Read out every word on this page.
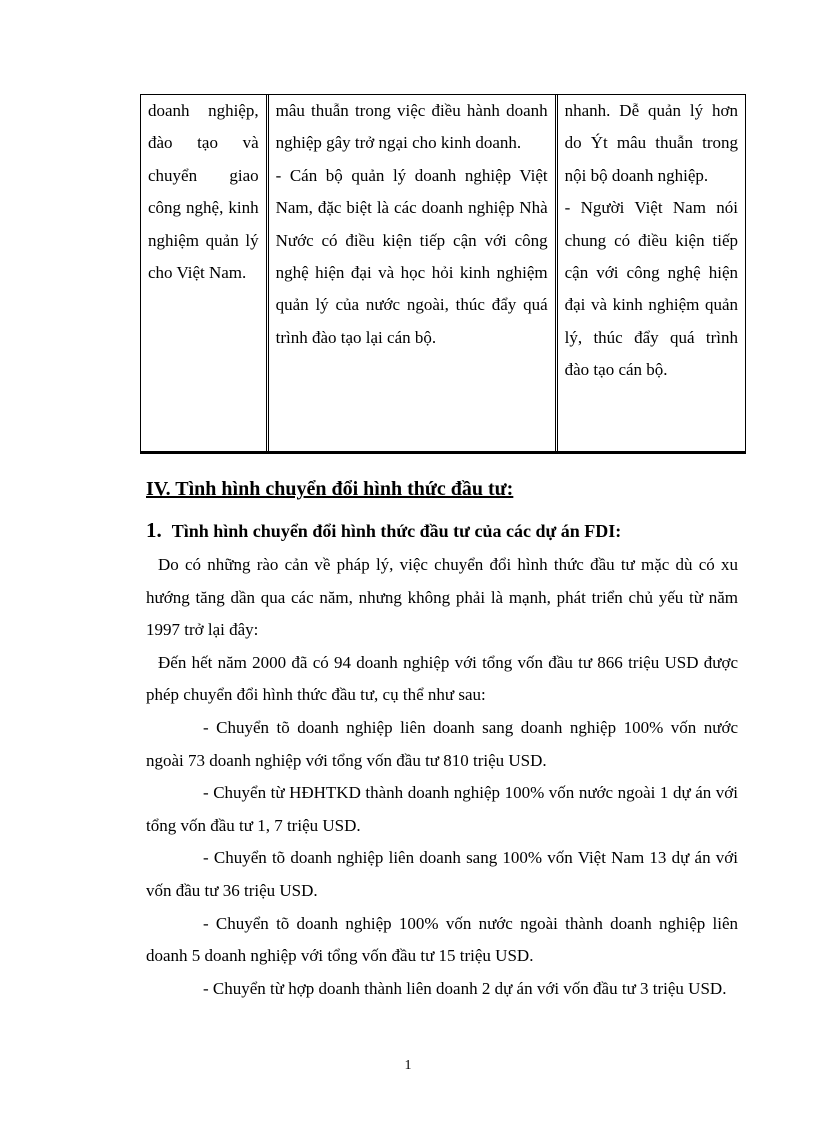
doanh nghiệp, đào tạo và chuyển giao công nghệ, kinh nghiệm quản lý cho Việt Nam.

mâu thuẫn trong việc điều hành doanh nghiệp gây trở ngại cho kinh doanh.

- Cán bộ quản lý doanh nghiệp Việt Nam, đặc biệt là các doanh nghiệp Nhà Nước có điều kiện tiếp cận với công nghệ hiện đại và học hỏi kinh nghiệm quản lý của nước ngoài, thúc đẩy quá trình đào tạo lại cán bộ.

nhanh. Dễ quản lý hơn do Ýt mâu thuẫn trong nội bộ doanh nghiệp.

- Người Việt Nam nói chung có điều kiện tiếp cận với công nghệ hiện đại và kinh nghiệm quản lý, thúc đẩy quá trình đào tạo cán bộ.

IV. Tình hình chuyển đổi hình thức đầu tư:
1. Tình hình chuyển đổi hình thức đầu tư của các dự án FDI:

Do có những rào cản về pháp lý, việc chuyển đổi hình thức đầu tư mặc dù có xu hướng tăng dần qua các năm, nhưng không phải là mạnh, phát triển chủ yếu từ năm 1997 trở lại đây:

Đến hết năm 2000 đã có 94 doanh nghiệp với tổng vốn đầu tư 866 triệu USD được phép chuyển đổi hình thức đầu tư, cụ thể như sau:

- Chuyển tõ doanh nghiệp liên doanh sang doanh nghiệp 100% vốn nước ngoài 73 doanh nghiệp với tổng vốn đầu tư 810 triệu USD.

- Chuyển từ HĐHTKD thành doanh nghiệp 100% vốn nước ngoài 1 dự án với tổng vốn đầu tư 1, 7 triệu USD.

- Chuyển tõ doanh nghiệp liên doanh sang 100% vốn Việt Nam 13 dự án với vốn đầu tư 36 triệu USD.

- Chuyển tõ doanh nghiệp 100% vốn nước ngoài thành doanh nghiệp liên doanh 5 doanh nghiệp với tổng vốn đầu tư 15 triệu USD.

- Chuyển từ hợp doanh thành liên doanh 2 dự án với vốn đầu tư 3 triệu USD.

1
